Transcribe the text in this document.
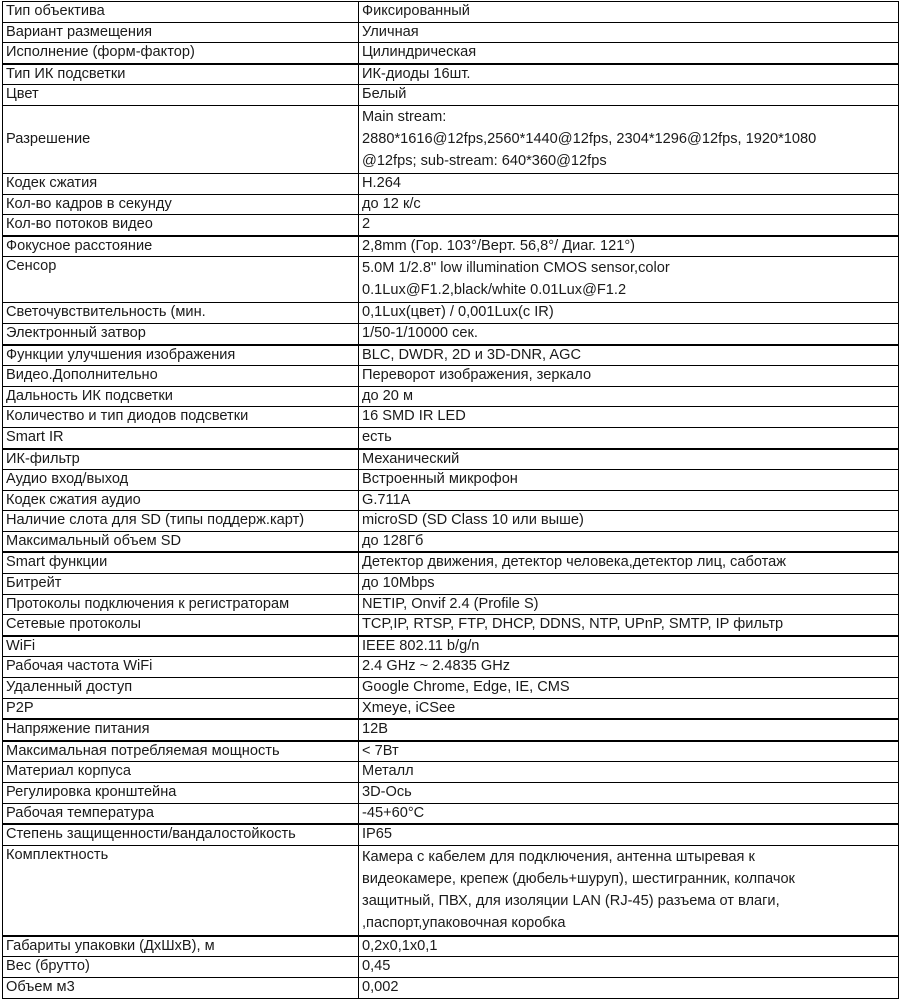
Тип объектива	Фиксированный

Вариант размещения	Уличная

Исполнение (форм-фактор)	Цилиндрическая

Тип ИК подсветки	ИК-диоды 16шт.

Цвет	Белый

Разрешение	Main stream:
2880*1616@12fps,2560*1440@12fps, 2304*1296@12fps, 1920*1080
@12fps; sub-stream: 640*360@12fps

Кодек сжатия	H.264

Кол-во кадров в секунду	до 12 к/с

Кол-во потоков видео	2

Фокусное расстояние	2,8mm (Гор. 103°/Верт. 56,8°/ Диаг. 121°)

Сенсор	5.0M 1/2.8" low illumination CMOS sensor,color
0.1Lux@F1.2,black/white 0.01Lux@F1.2

Светочувствительность (мин.	0,1Lux(цвет) / 0,001Lux(с IR)

Электронный затвор	1/50-1/10000 сек.

Функции улучшения изображения	BLC, DWDR, 2D и 3D-DNR, AGC

Видео.Дополнительно	Переворот изображения, зеркало

Дальность ИК подсветки	до 20 м

Количество и тип диодов подсветки	16 SMD IR LED

Smart IR	есть

ИК-фильтр	Механический

Аудио вход/выход	Встроенный микрофон

Кодек сжатия аудио	G.711A

Наличие слота для SD (типы поддерж.карт)	microSD (SD Class 10 или выше)

Максимальный объем SD	до 128Гб

Smart функции	Детектор движения, детектор человека,детектор лиц, саботаж

Битрейт	до 10Mbps

Протоколы подключения к регистраторам	NETIP, Onvif 2.4 (Profile S)

Сетевые протоколы	TCP,IP, RTSP, FTP, DHCP, DDNS, NTP, UPnP, SMTP, IP фильтр

WiFi	IEEE 802.11 b/g/n

Рабочая частота WiFi	2.4 GHz ~ 2.4835 GHz

Удаленный доступ	Google Chrome, Edge, IE, CMS

P2P	Xmeye, iCSee

Напряжение питания	12В

Максимальная потребляемая мощность	< 7Вт

Материал корпуса	Металл

Регулировка кронштейна	3D-Ось

Рабочая температура	-45+60°C

Степень защищенности/вандалостойкость	IP65

Комплектность	Камера с кабелем для подключения, антенна штыревая к
видеокамере, крепеж (дюбель+шуруп), шестигранник, колпачок
защитный, ПВХ, для изоляции LAN (RJ-45) разъема от влаги,
,паспорт,упаковочная коробка

Габариты упаковки (ДхШхВ), м	0,2x0,1x0,1

Вес (брутто)	0,45

Объем м3	0,002
